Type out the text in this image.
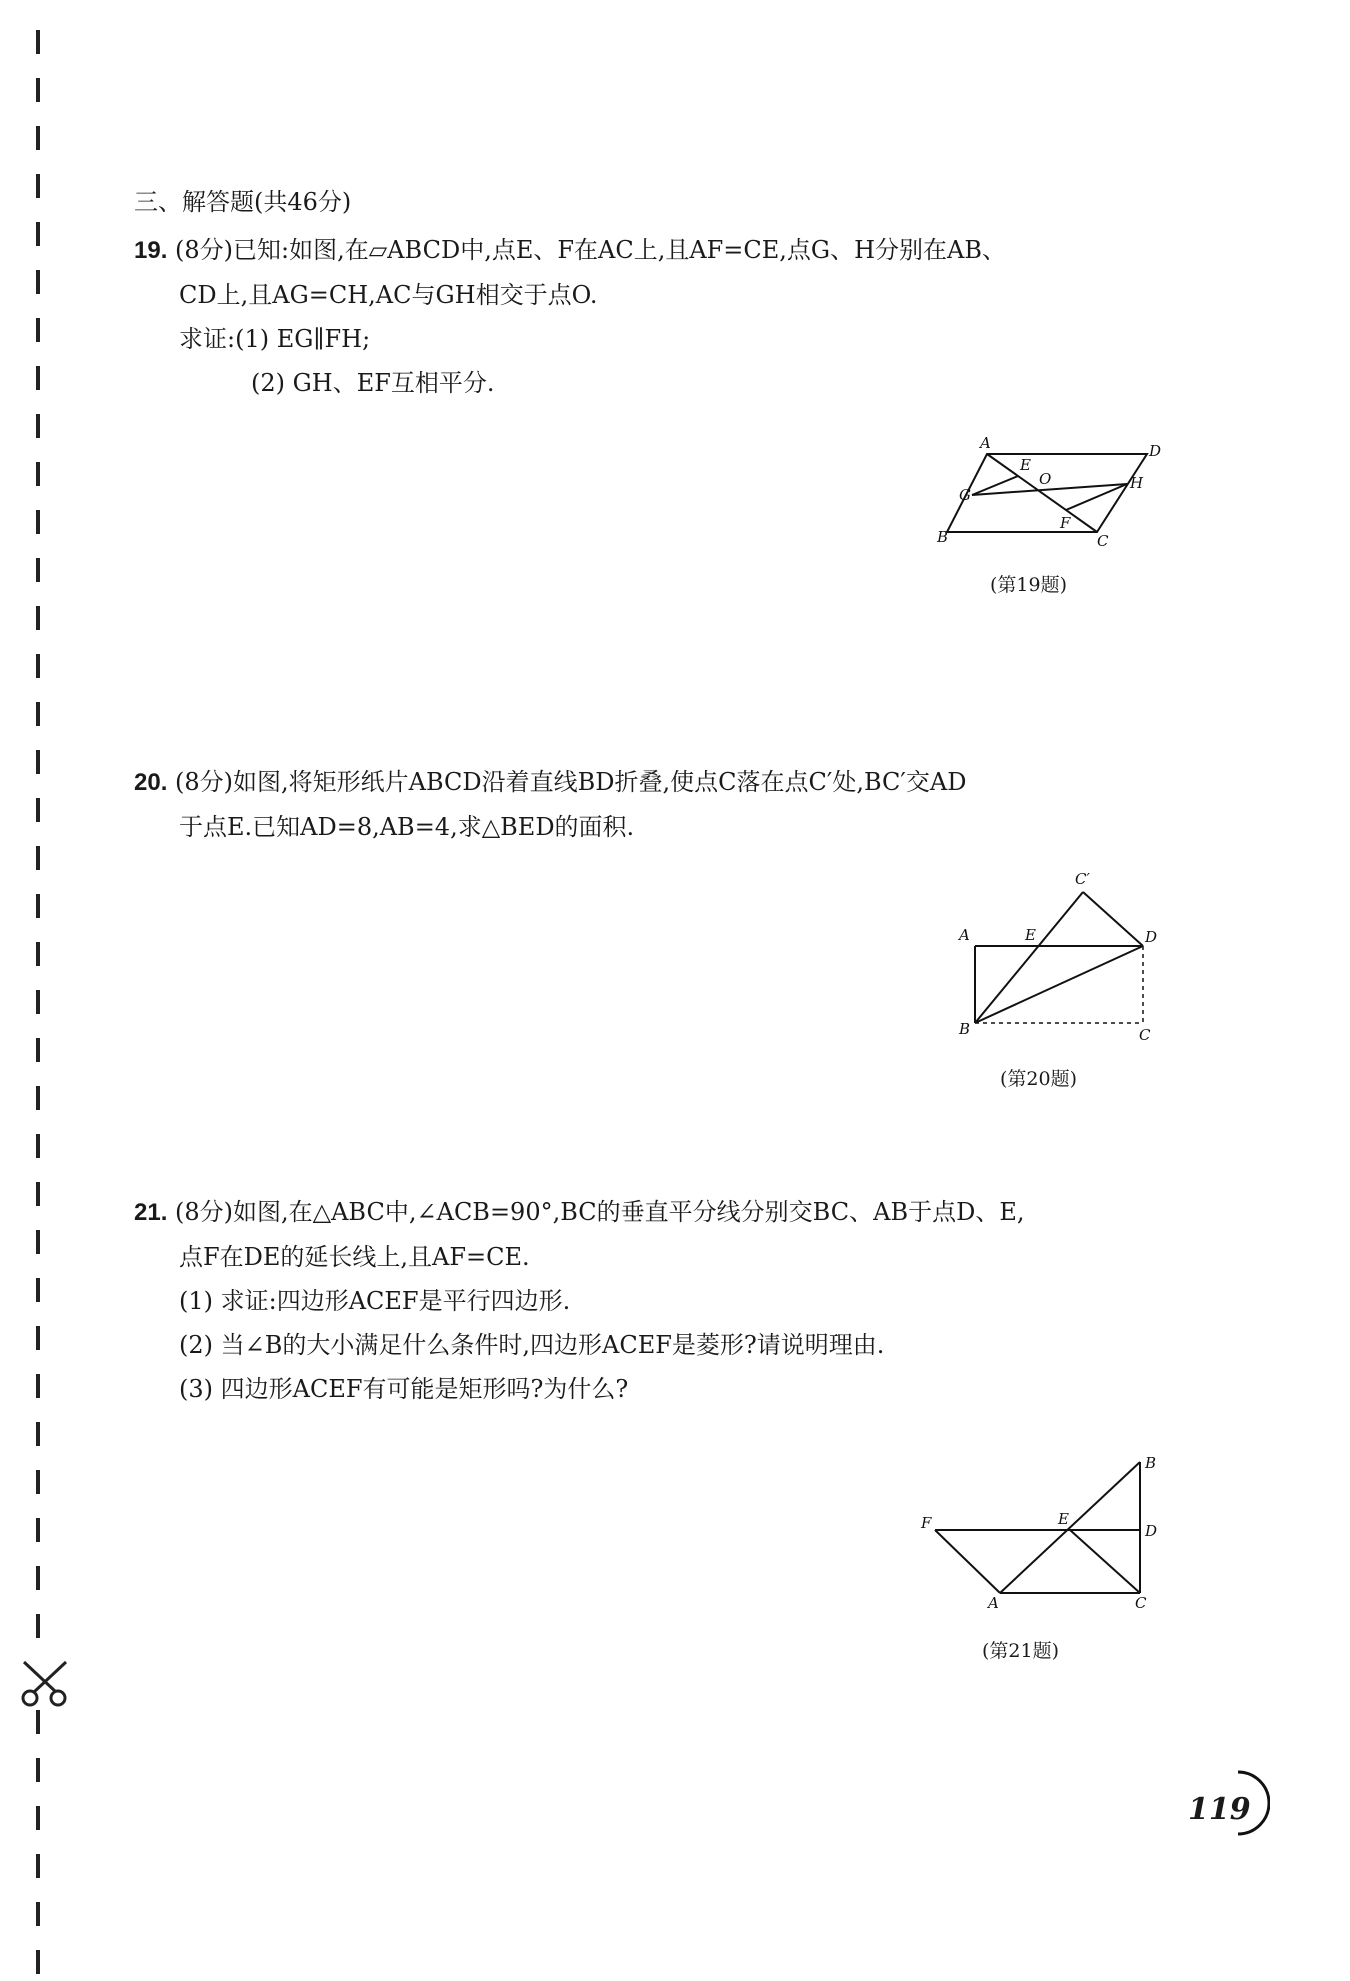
三、解答题(共46分)
19. (8分)已知:如图,在▱ABCD中,点E、F在AC上,且AF=CE,点G、H分别在AB、
CD上,且AG=CH,AC与GH相交于点O.
求证:(1) EG∥FH;
(2) GH、EF互相平分.
A	D
E
O	H
G
F
B	C
(第19题)
20. (8分)如图,将矩形纸片ABCD沿着直线BD折叠,使点C落在点C′处,BC′交AD
于点E.已知AD=8,AB=4,求△BED的面积.
C′
A	E	D
B	C
(第20题)
21. (8分)如图,在△ABC中,∠ACB=90°,BC的垂直平分线分别交BC、AB于点D、E,
点F在DE的延长线上,且AF=CE.
(1) 求证:四边形ACEF是平行四边形.
(2) 当∠B的大小满足什么条件时,四边形ACEF是菱形?请说明理由.
(3) 四边形ACEF有可能是矩形吗?为什么?
B
F	E
D
A	C
(第21题)
119
